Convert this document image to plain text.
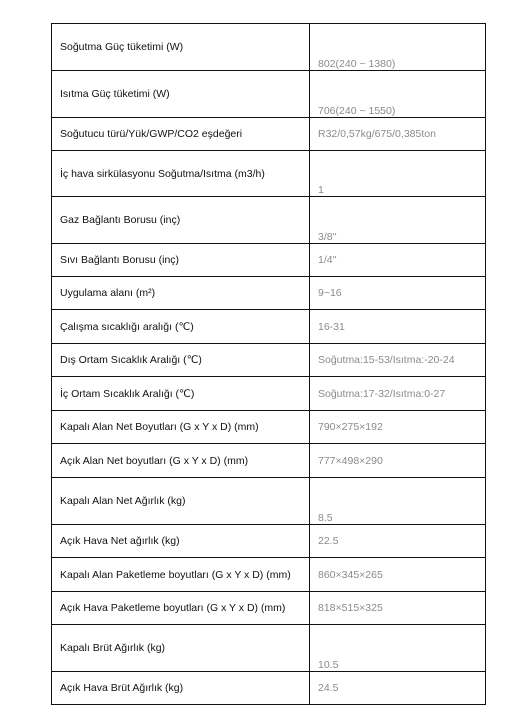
Soğutma Güç tüketimi (W)	802(240 ~ 1380)
Isıtma Güç tüketimi (W)	706(240 ~ 1550)
Soğutucu türü/Yük/GWP/CO2 eşdeğeri	R32/0,57kg/675/0,385ton
İç hava sirkülasyonu Soğutma/Isıtma (m3/h)	1
Gaz Bağlantı Borusu (inç)	3/8''
Sıvı Bağlantı Borusu (inç)	1/4''
Uygulama alanı (m²)	9~16
Çalışma sıcaklığı aralığı (℃)	16-31
Dış Ortam Sıcaklık Aralığı (℃)	Soğutma:15-53/Isıtma:-20-24
İç Ortam Sıcaklık Aralığı (℃)	Soğutma:17-32/Isıtma:0-27
Kapalı Alan Net Boyutları (G x Y x D) (mm)	790×275×192
Açık Alan Net boyutları (G x Y x D) (mm)	777×498×290
Kapalı Alan Net Ağırlık (kg)	8.5
Açık Hava Net ağırlık (kg)	22.5
Kapalı Alan Paketleme boyutları (G x Y x D) (mm)	860×345×265
Açık Hava Paketleme boyutları (G x Y x D) (mm)	818×515×325
Kapalı Brüt Ağırlık (kg)	10.5
Açık Hava Brüt Ağırlık (kg)	24.5
